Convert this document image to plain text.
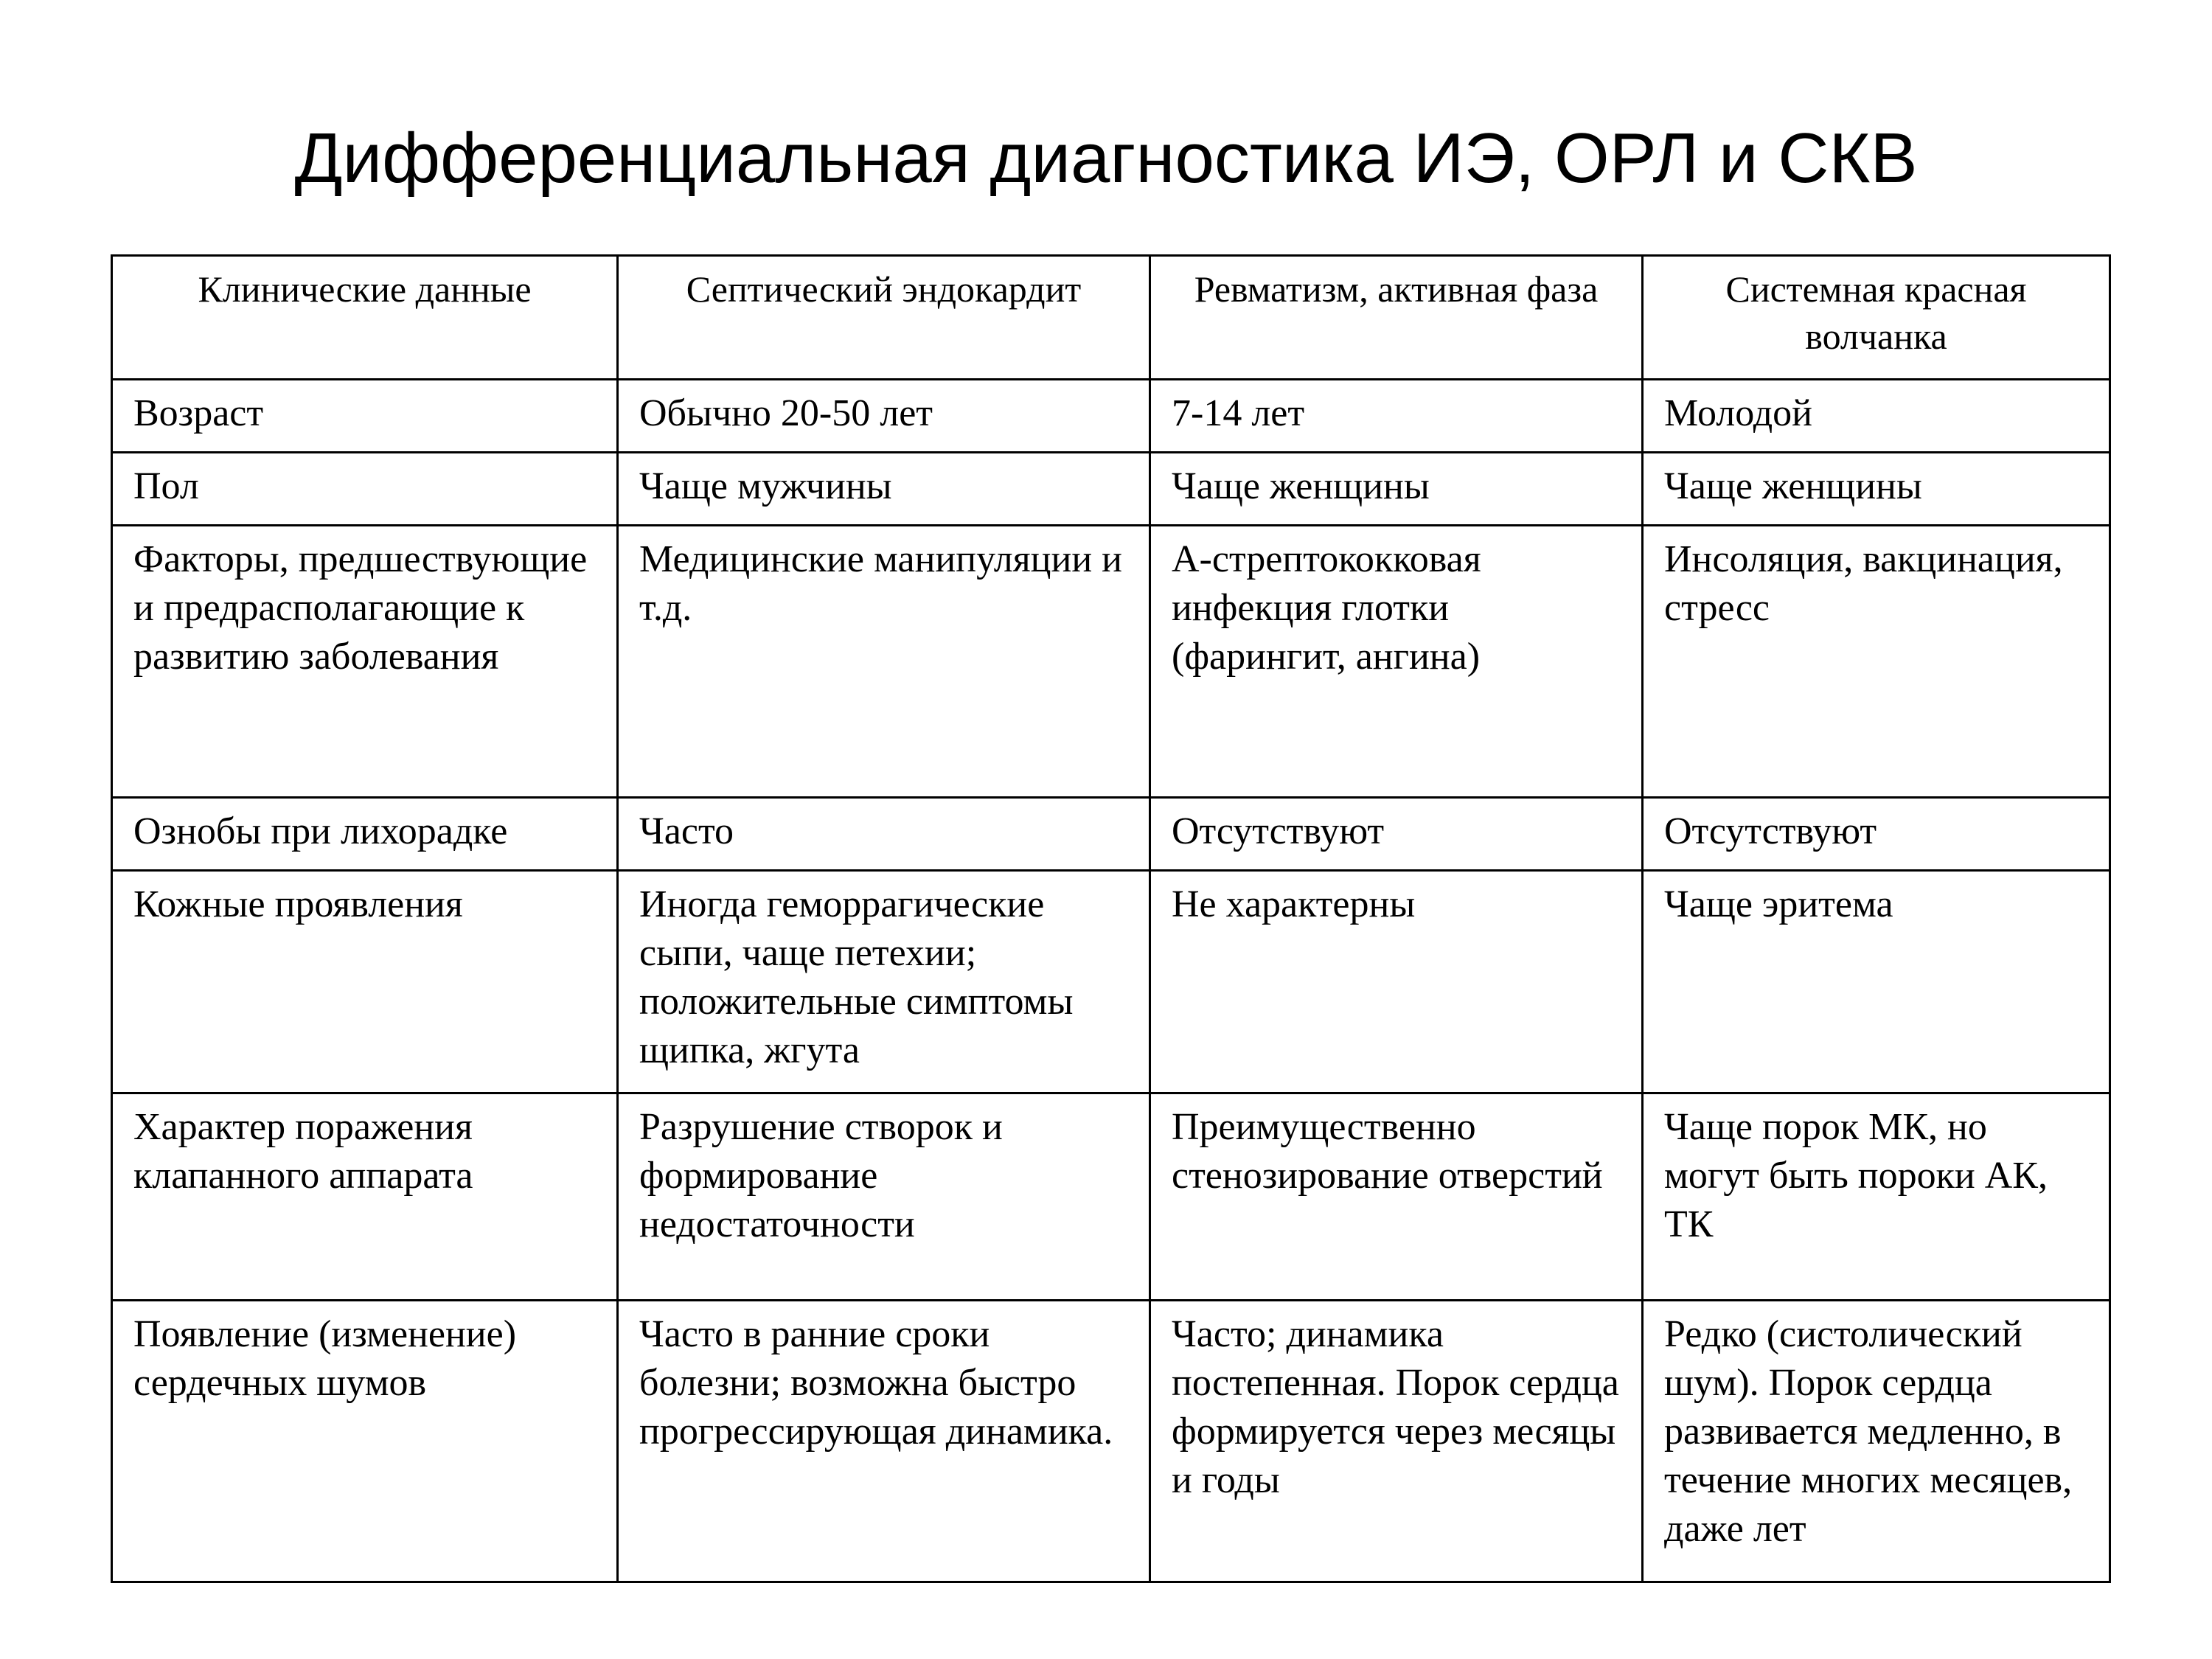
Дифференциальная диагностика ИЭ, ОРЛ и СКВ
Клинические данные	Септический эндокардит	Ревматизм, активная фаза	Системная красная волчанка
Возраст	Обычно 20-50 лет	7-14 лет	Молодой
Пол	Чаще мужчины	Чаще женщины	Чаще женщины
Факторы, предшествующие и предрасполагающие к развитию заболевания	Медицинские манипуляции и т.д.	А-стрептококковая инфекция глотки (фарингит, ангина)	Инсоляция, вакцинация, стресс
Ознобы при лихорадке	Часто	Отсутствуют	Отсутствуют
Кожные проявления	Иногда геморрагические сыпи, чаще петехии; положительные симптомы щипка, жгута	Не характерны	Чаще эритема
Характер поражения клапанного аппарата	Разрушение створок и формирование недостаточности	Преимущественно стенозирование отверстий	Чаще порок МК, но могут быть пороки АК, ТК
Появление (изменение) сердечных шумов	Часто в ранние сроки болезни; возможна быстро прогрессирующая динамика.	Часто; динамика постепенная. Порок сердца формируется через месяцы и годы	Редко (систолический шум). Порок сердца развивается медленно, в течение многих месяцев, даже лет
